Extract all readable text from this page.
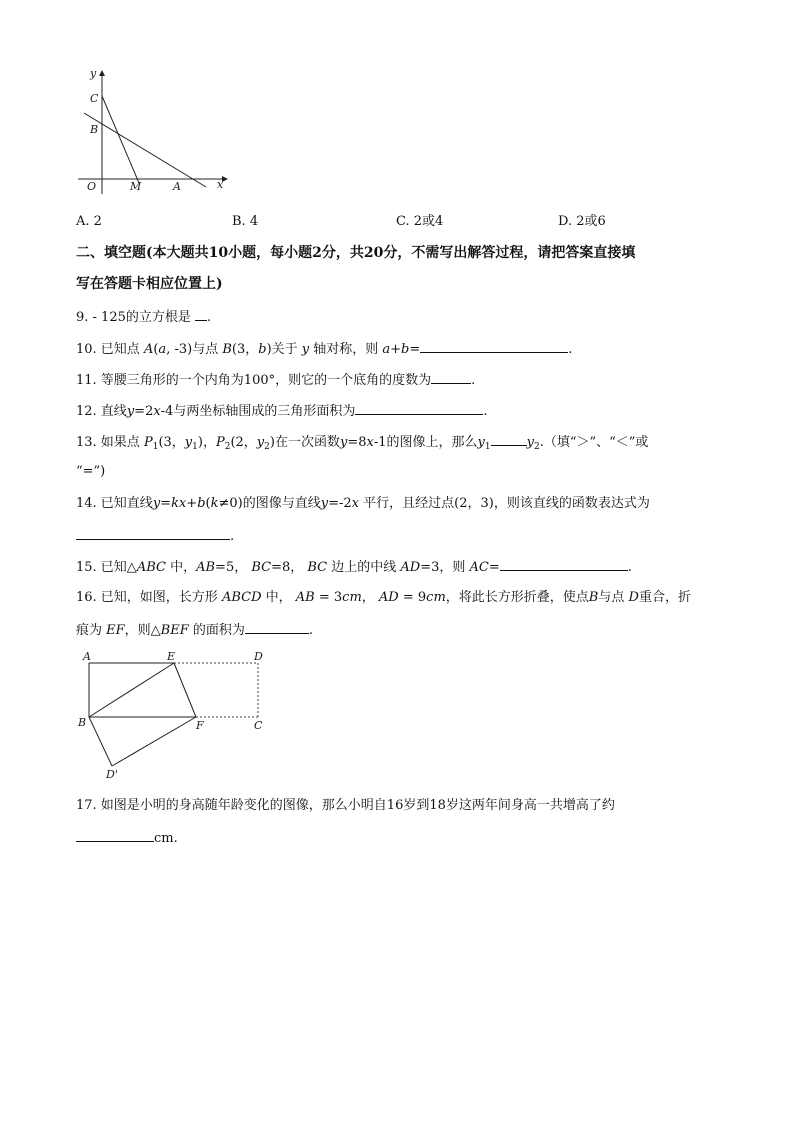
y
x
C
B
O	M	A
A. 2	B. 4	C. 2或4	D. 2或6
二、填空题(本大题共10小题，每小题2分，共20分，不需写出解答过程，请把答案直接填
写在答题卡相应位置上)
9. - 125的立方根是 .
10. 已知点 A(a, -3)与点 B(3，b)关于 y 轴对称，则 a+b=	.
11. 等腰三角形的一个内角为100°，则它的一个底角的度数为	.
12. 直线y=2x-4与两坐标轴围成的三角形面积为	.
13. 如果点 $P_1(3$，$y_1$)，$P_2(2$，$y_2$)在一次函数y=8x-1的图像上，那么$y_1$	$y_2$.（填“＞”、“＜”或
“=”)
14. 已知直线y=kx+b(k≠0)的图像与直线y=-2x 平行，且经过点(2，3)，则该直线的函数表达式为
.
15. 已知△ABC 中，AB=5， BC=8， BC 边上的中线 AD=3，则 AC=	.
16. 已知，如图，长方形 ABCD 中， AB = 3cm， AD = 9cm，将此长方形折叠，使点B与点 D重合，折
痕为 EF，则△BEF 的面积为	.
A	E	D
B	F	C
D'
17. 如图是小明的身高随年龄变化的图像，那么小明自16岁到18岁这两年间身高一共增高了约
cm.
